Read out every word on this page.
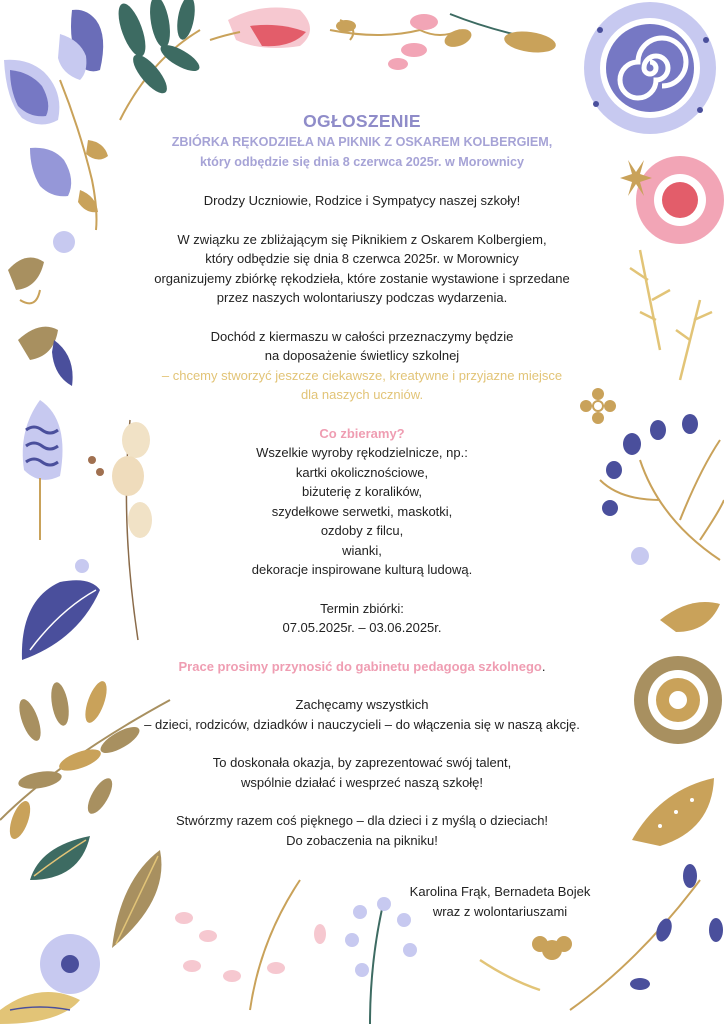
OGŁOSZENIE
ZBIÓRKA RĘKODZIEŁA NA PIKNIK Z OSKAREM KOLBERGIEM,
który odbędzie się dnia 8 czerwca 2025r. w Morownicy
Drodzy Uczniowie, Rodzice i Sympatycy naszej szkoły!
W związku ze zbliżającym się Piknikiem z Oskarem Kolbergiem,
który odbędzie się dnia 8 czerwca 2025r. w Morownicy
organizujemy zbiórkę rękodzieła, które zostanie wystawione i sprzedane
przez naszych wolontariuszy podczas wydarzenia.
Dochód z kiermaszu w całości przeznaczymy będzie
na doposażenie świetlicy szkolnej
– chcemy stworzyć jeszcze ciekawsze, kreatywne i przyjazne miejsce
dla naszych uczniów.
Co zbieramy?
Wszelkie wyroby rękodzielnicze, np.:
kartki okolicznościowe,
biżuterię z koralików,
szydełkowe serwetki, maskotki,
ozdoby z filcu,
wianki,
dekoracje inspirowane kulturą ludową.
Termin zbiórki:
07.05.2025r. – 03.06.2025r.
Prace prosimy przynosić do gabinetu pedagoga szkolnego.
Zachęcamy wszystkich
– dzieci, rodziców, dziadków i nauczycieli – do włączenia się w naszą akcję.
To doskonała okazja, by zaprezentować swój talent,
wspólnie działać i wesprzeć naszą szkołę!
Stwórzmy razem coś pięknego – dla dzieci i z myślą o dzieciach!
Do zobaczenia na pikniku!
Karolina Frąk, Bernadeta Bojek
wraz z wolontariuszami
